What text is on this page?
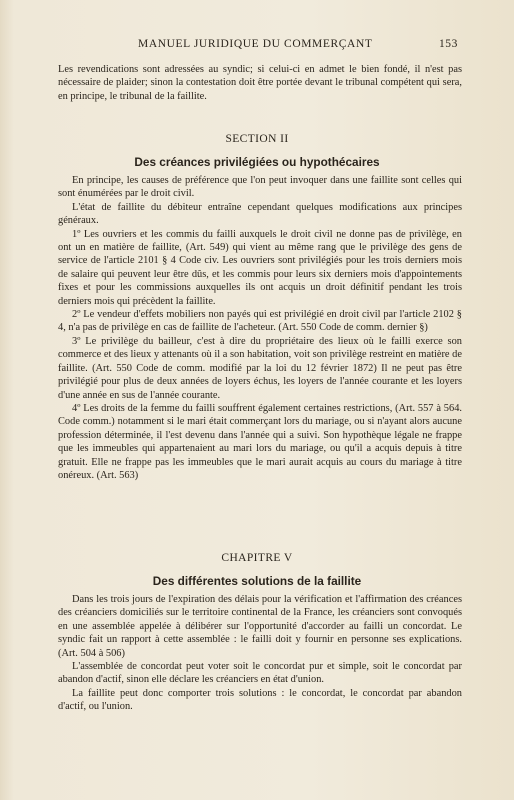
MANUEL JURIDIQUE DU COMMERÇANT	153

Les revendications sont adressées au syndic; si celui-ci en admet le bien fondé, il n'est pas nécessaire de plaider; sinon la contestation doit être portée devant le tribunal compétent qui sera, en principe, le tribunal de la faillite.

SECTION II
Des créances privilégiées ou hypothécaires

En principe, les causes de préférence que l'on peut invoquer dans une faillite sont celles qui sont énumérées par le droit civil.

L'état de faillite du débiteur entraîne cependant quelques modifications aux principes généraux.

1º Les ouvriers et les commis du failli auxquels le droit civil ne donne pas de privilège, en ont un en matière de faillite, (Art. 549) qui vient au même rang que le privilège des gens de service de l'article 2101 § 4 Code civ. Les ouvriers sont privilégiés pour les trois derniers mois de salaire qui peuvent leur être dûs, et les commis pour leurs six derniers mois d'appointements fixes et pour les commissions auxquelles ils ont acquis un droit définitif pendant les trois derniers mois qui précèdent la faillite.

2º Le vendeur d'effets mobiliers non payés qui est privilégié en droit civil par l'article 2102 § 4, n'a pas de privilège en cas de faillite de l'acheteur. (Art. 550 Code de comm. dernier §)

3º Le privilège du bailleur, c'est à dire du propriétaire des lieux où le failli exerce son commerce et des lieux y attenants où il a son habitation, voit son privilège restreint en matière de faillite. (Art. 550 Code de comm. modifié par la loi du 12 février 1872) Il ne peut pas être privilégié pour plus de deux années de loyers échus, les loyers de l'année courante et les loyers d'une année en sus de l'année courante.

4º Les droits de la femme du failli souffrent également certaines restrictions, (Art. 557 à 564. Code comm.) notamment si le mari était commerçant lors du mariage, ou si n'ayant alors aucune profession déterminée, il l'est devenu dans l'année qui a suivi. Son hypothèque légale ne frappe que les immeubles qui appartenaient au mari lors du mariage, ou qu'il a acquis depuis à titre gratuit. Elle ne frappe pas les immeubles que le mari aurait acquis au cours du mariage à titre onéreux. (Art. 563)

CHAPITRE V
Des différentes solutions de la faillite

Dans les trois jours de l'expiration des délais pour la vérification et l'affirmation des créances des créanciers domiciliés sur le territoire continental de la France, les créanciers sont convoqués en une assemblée appelée à délibérer sur l'opportunité d'accorder au failli un concordat. Le syndic fait un rapport à cette assemblée : le failli doit y fournir en personne ses explications. (Art. 504 à 506)

L'assemblée de concordat peut voter soit le concordat pur et simple, soit le concordat par abandon d'actif, sinon elle déclare les créanciers en état d'union.

La faillite peut donc comporter trois solutions : le concordat, le concordat par abandon d'actif, ou l'union.
